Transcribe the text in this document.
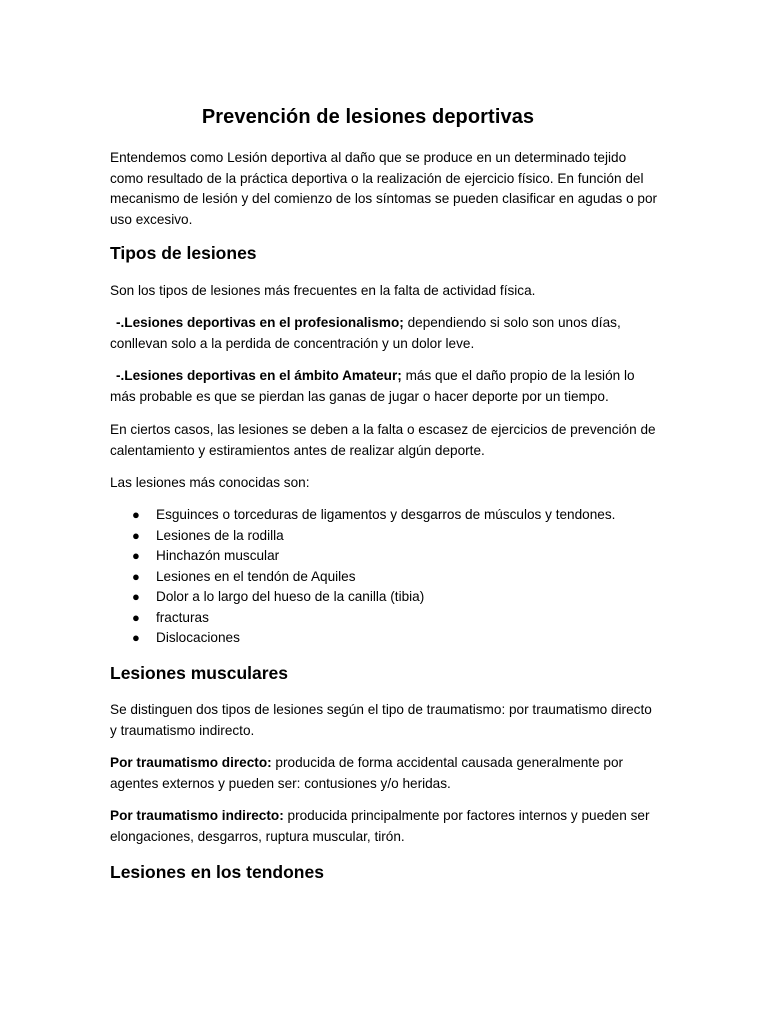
Prevención de lesiones deportivas

Entendemos como Lesión deportiva al daño que se produce en un determinado tejido como resultado de la práctica deportiva o la realización de ejercicio físico. En función del mecanismo de lesión y del comienzo de los síntomas se pueden clasificar en agudas o por uso excesivo.

Tipos de lesiones

Son los tipos de lesiones más frecuentes en la falta de actividad física.

-.Lesiones deportivas en el profesionalismo; dependiendo si solo son unos días, conllevan solo a la perdida de concentración y un dolor leve.

-.Lesiones deportivas en el ámbito Amateur; más que el daño propio de la lesión lo más probable es que se pierdan las ganas de jugar o hacer deporte por un tiempo.

En ciertos casos, las lesiones se deben a la falta o escasez de ejercicios de prevención de calentamiento y estiramientos antes de realizar algún deporte.

Las lesiones más conocidas son:

● Esguinces o torceduras de ligamentos y desgarros de músculos y tendones.
● Lesiones de la rodilla
● Hinchazón muscular
● Lesiones en el tendón de Aquiles
● Dolor a lo largo del hueso de la canilla (tibia)
● fracturas
● Dislocaciones
Lesiones musculares

Se distinguen dos tipos de lesiones según el tipo de traumatismo: por traumatismo directo y traumatismo indirecto.

Por traumatismo directo: producida de forma accidental causada generalmente por agentes externos y pueden ser: contusiones y/o heridas.

Por traumatismo indirecto: producida principalmente por factores internos y pueden ser elongaciones, desgarros, ruptura muscular, tirón.

Lesiones en los tendones
